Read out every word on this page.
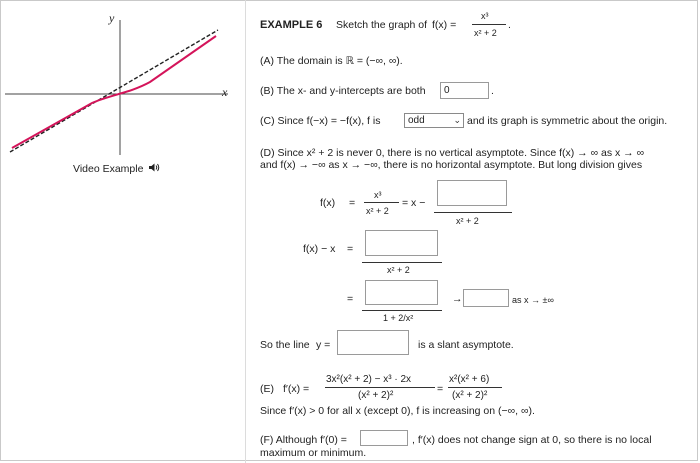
y
x
Video Example
EXAMPLE 6 Sketch the graph of f(x) =
x³
x² + 2
.
(A) The domain is ℝ = (−∞, ∞).
(B) The x- and y-intercepts are both	0	.
(C) Since f(−x) = −f(x), f is	odd	⌄ and its graph is symmetric about the origin.
(D) Since x² + 2 is never 0, there is no vertical asymptote. Since f(x) → ∞ as x → ∞
and f(x) → −∞ as x → −∞, there is no horizontal asymptote. But long division gives
f(x) =
x³
x² + 2
= x −
x² + 2
f(x) − x =
x² + 2
=
1 + 2/x²
→	as x → ±∞
So the line y =	is a slant asymptote.
(E) f′(x) =
3x²(x² + 2) − x³ · 2x
(x² + 2)²
=
x²(x² + 6)
(x² + 2)²
Since f′(x) > 0 for all x (except 0), f is increasing on (−∞, ∞).
(F) Although f′(0) =	, f′(x) does not change sign at 0, so there is no local
maximum or minimum.
